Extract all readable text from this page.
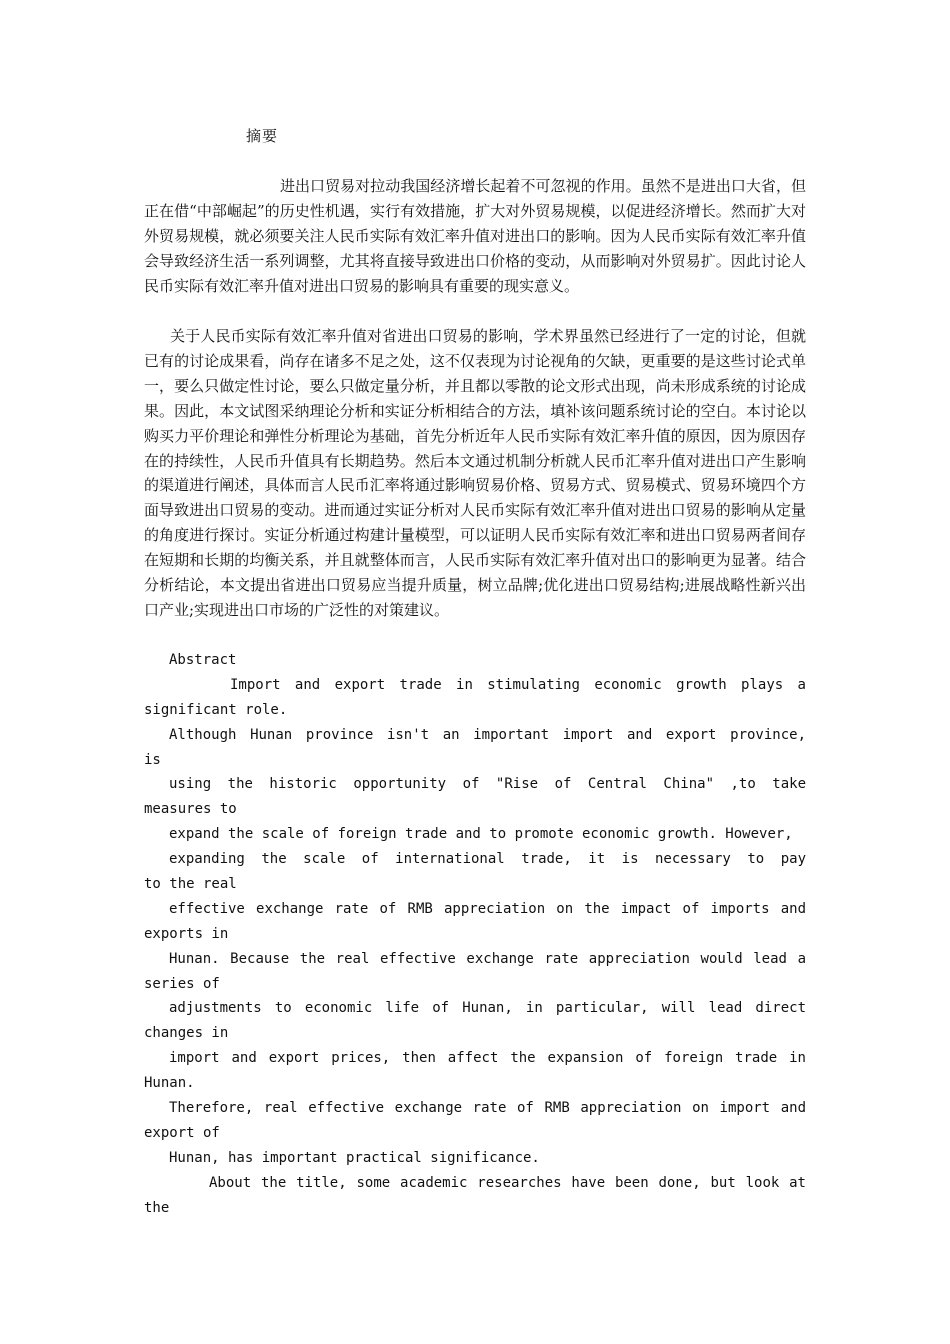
摘要

进出口贸易对拉动我国经济增长起着不可忽视的作用。虽然不是进出口大省，但正在借“中部崛起”的历史性机遇，实行有效措施，扩大对外贸易规模，以促进经济增长。然而扩大对外贸易规模，就必须要关注人民币实际有效汇率升值对进出口的影响。因为人民币实际有效汇率升值会导致经济生活一系列调整，尤其将直接导致进出口价格的变动，从而影响对外贸易扩。因此讨论人民币实际有效汇率升值对进出口贸易的影响具有重要的现实意义。

关于人民币实际有效汇率升值对省进出口贸易的影响，学术界虽然已经进行了一定的讨论，但就已有的讨论成果看，尚存在诸多不足之处，这不仅表现为讨论视角的欠缺，更重要的是这些讨论式单一，要么只做定性讨论，要么只做定量分析，并且都以零散的论文形式出现，尚未形成系统的讨论成果。因此，本文试图采纳理论分析和实证分析相结合的方法，填补该问题系统讨论的空白。本讨论以购买力平价理论和弹性分析理论为基础，首先分析近年人民币实际有效汇率升值的原因，因为原因存在的持续性，人民币升值具有长期趋势。然后本文通过机制分析就人民币汇率升值对进出口产生影响的渠道进行阐述，具体而言人民币汇率将通过影响贸易价格、贸易方式、贸易模式、贸易环境四个方面导致进出口贸易的变动。进而通过实证分析对人民币实际有效汇率升值对进出口贸易的影响从定量的角度进行探讨。实证分析通过构建计量模型，可以证明人民币实际有效汇率和进出口贸易两者间存在短期和长期的均衡关系，并且就整体而言，人民币实际有效汇率升值对出口的影响更为显著。结合分析结论，本文提出省进出口贸易应当提升质量，树立品牌;优化进出口贸易结构;进展战略性新兴出口产业;实现进出口市场的广泛性的对策建议。

Abstract
Import and export trade in stimulating economic growth plays a
significant role.
Although Hunan province isn't an important import and export province,
is
using the historic opportunity of "Rise of Central China" ,to take
measures to
expand the scale of foreign trade and to promote economic growth. However,
expanding the scale of international trade, it is necessary to pay
to the real
effective exchange rate of RMB appreciation on the impact of imports and
exports in
Hunan. Because the real effective exchange rate appreciation would lead a
series of
adjustments to economic life of Hunan, in particular, will lead direct
changes in
import and export prices, then affect the expansion of foreign trade in
Hunan.
Therefore, real effective exchange rate of RMB appreciation on import and
export of
Hunan, has important practical significance.
About the title, some academic researches have been done, but look at
the
